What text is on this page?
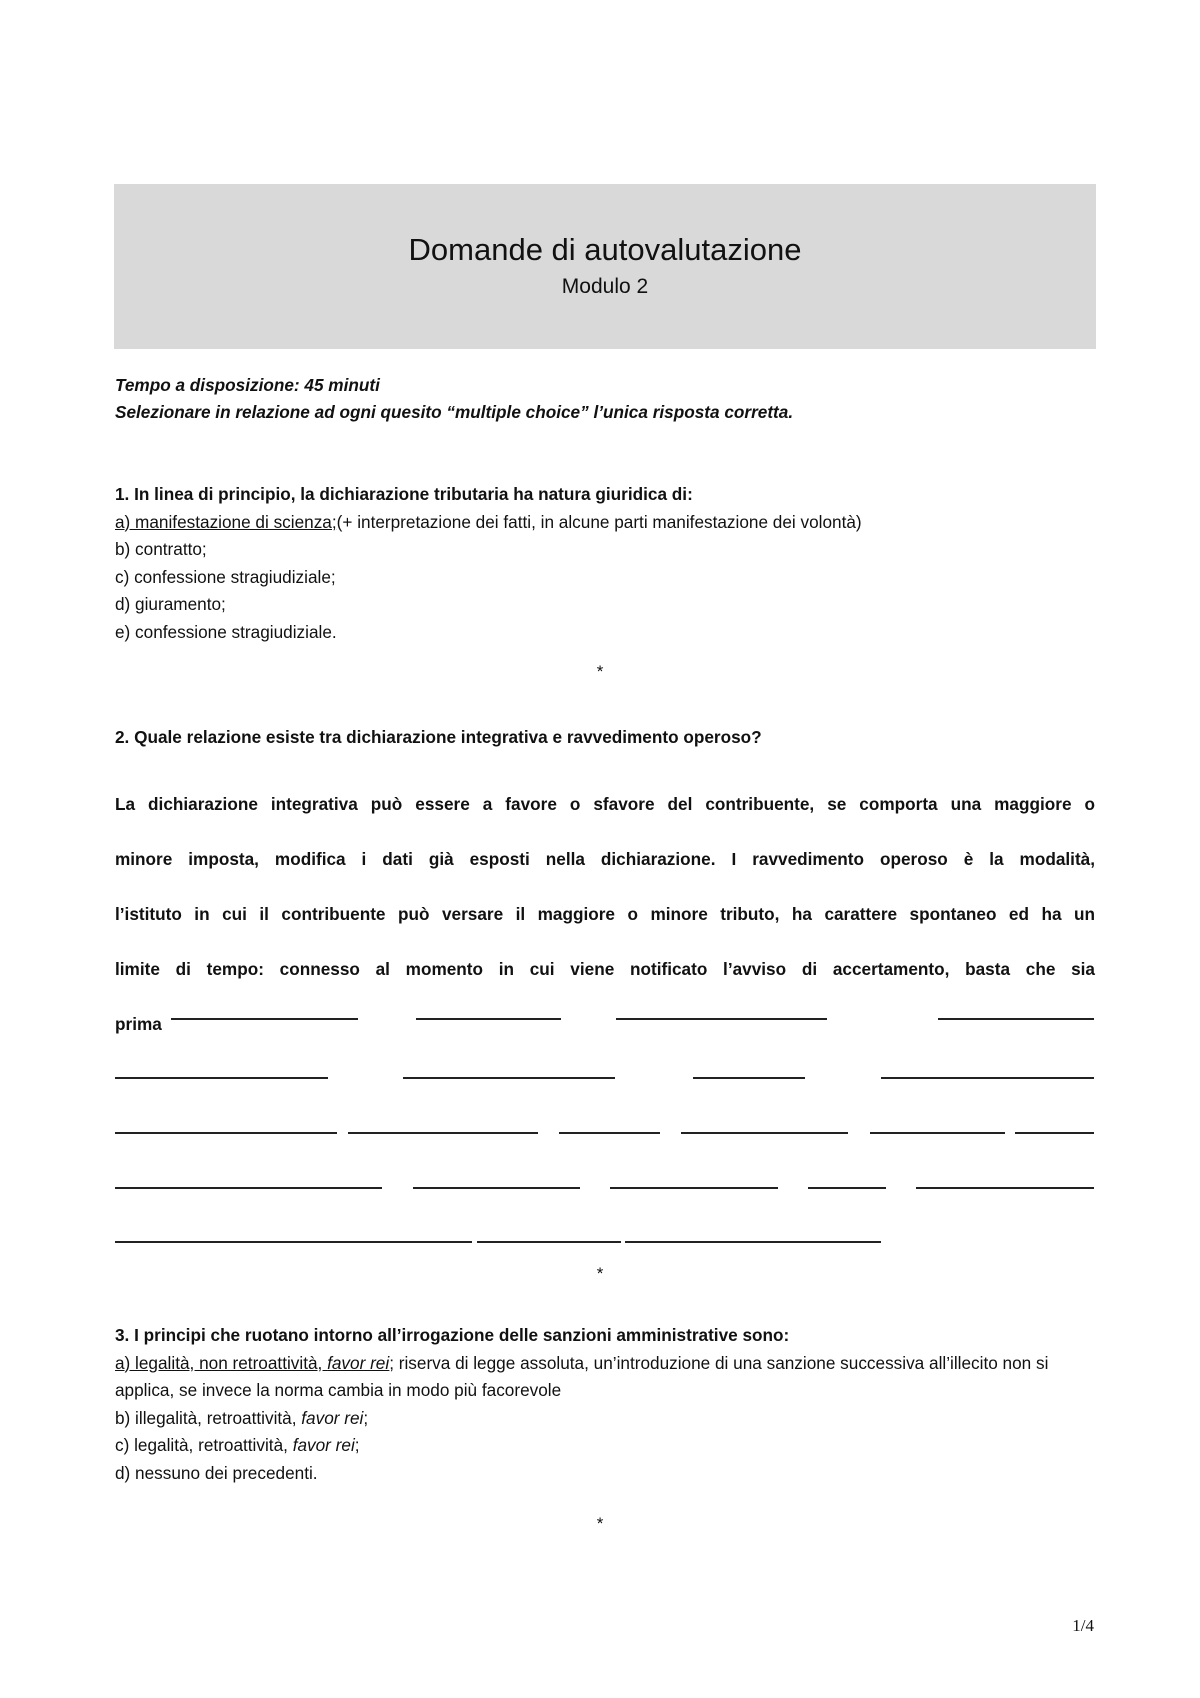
Domande di autovalutazione
Modulo 2
Tempo a disposizione: 45 minuti
Selezionare in relazione ad ogni quesito “multiple choice” l’unica risposta corretta.
1. In linea di principio, la dichiarazione tributaria ha natura giuridica di:
a) manifestazione di scienza;(+ interpretazione dei fatti, in alcune parti manifestazione dei volontà)
b) contratto;
c) confessione stragiudiziale;
d) giuramento;
e) confessione stragiudiziale.
*
2. Quale relazione esiste tra dichiarazione integrativa e ravvedimento operoso?
La dichiarazione integrativa può essere a favore o sfavore del contribuente, se comporta una maggiore o
minore imposta, modifica i dati già esposti nella dichiarazione. I ravvedimento operoso è la modalità,
l’istituto in cui il contribuente può versare il maggiore o minore tributo, ha carattere spontaneo ed ha un
limite di tempo: connesso al momento in cui viene notificato l’avviso di accertamento, basta che sia
prima
*
3. I principi che ruotano intorno all’irrogazione delle sanzioni amministrative sono:
a) legalità, non retroattività, favor rei; riserva di legge assoluta, un’introduzione di una sanzione successiva all’illecito non si applica, se invece la norma cambia in modo più facorevole
b) illegalità, retroattività, favor rei;
c) legalità, retroattività, favor rei;
d) nessuno dei precedenti.
*
1/4
